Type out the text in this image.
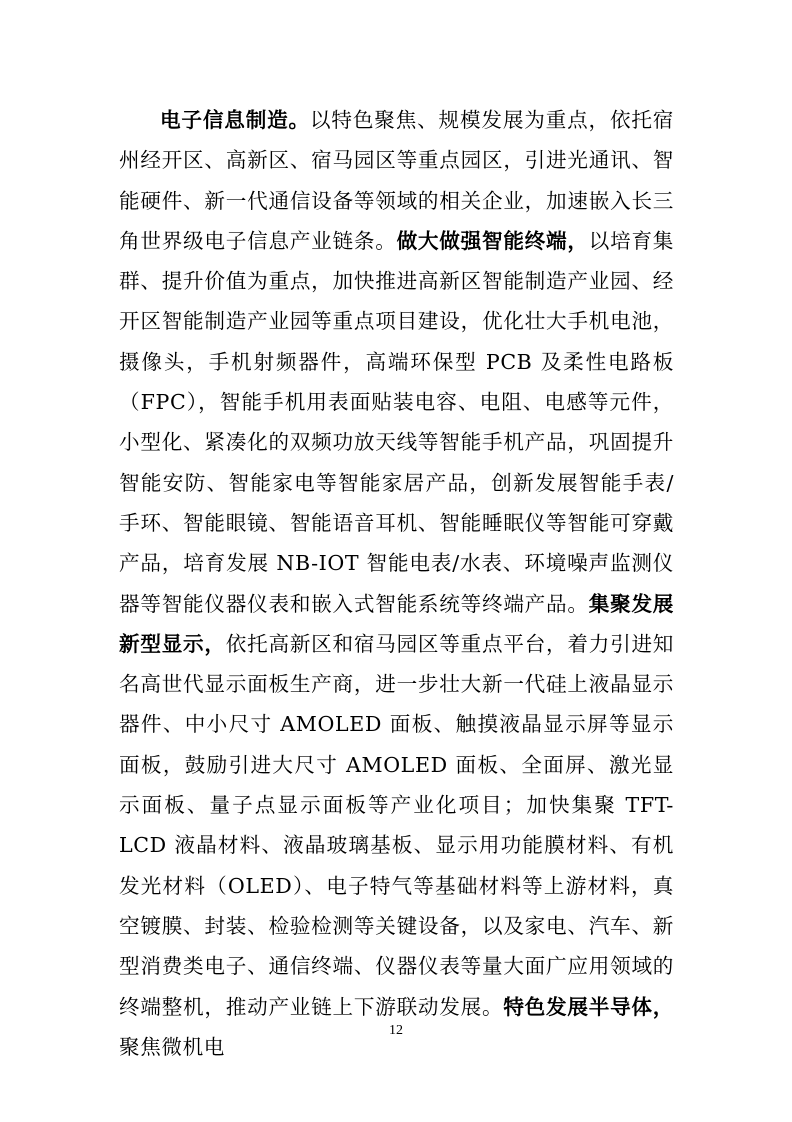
电子信息制造。以特色聚焦、规模发展为重点，依托宿州经开区、高新区、宿马园区等重点园区，引进光通讯、智能硬件、新一代通信设备等领域的相关企业，加速嵌入长三角世界级电子信息产业链条。做大做强智能终端，以培育集群、提升价值为重点，加快推进高新区智能制造产业园、经开区智能制造产业园等重点项目建设，优化壮大手机电池，摄像头，手机射频器件，高端环保型 PCB 及柔性电路板（FPC），智能手机用表面贴装电容、电阻、电感等元件，小型化、紧凑化的双频功放天线等智能手机产品，巩固提升智能安防、智能家电等智能家居产品，创新发展智能手表/手环、智能眼镜、智能语音耳机、智能睡眠仪等智能可穿戴产品，培育发展 NB-IOT 智能电表/水表、环境噪声监测仪器等智能仪器仪表和嵌入式智能系统等终端产品。集聚发展新型显示，依托高新区和宿马园区等重点平台，着力引进知名高世代显示面板生产商，进一步壮大新一代硅上液晶显示器件、中小尺寸 AMOLED 面板、触摸液晶显示屏等显示面板，鼓励引进大尺寸 AMOLED 面板、全面屏、激光显示面板、量子点显示面板等产业化项目；加快集聚 TFT-LCD 液晶材料、液晶玻璃基板、显示用功能膜材料、有机发光材料（OLED）、电子特气等基础材料等上游材料，真空镀膜、封装、检验检测等关键设备，以及家电、汽车、新型消费类电子、通信终端、仪器仪表等量大面广应用领域的终端整机，推动产业链上下游联动发展。特色发展半导体，聚焦微机电

12
